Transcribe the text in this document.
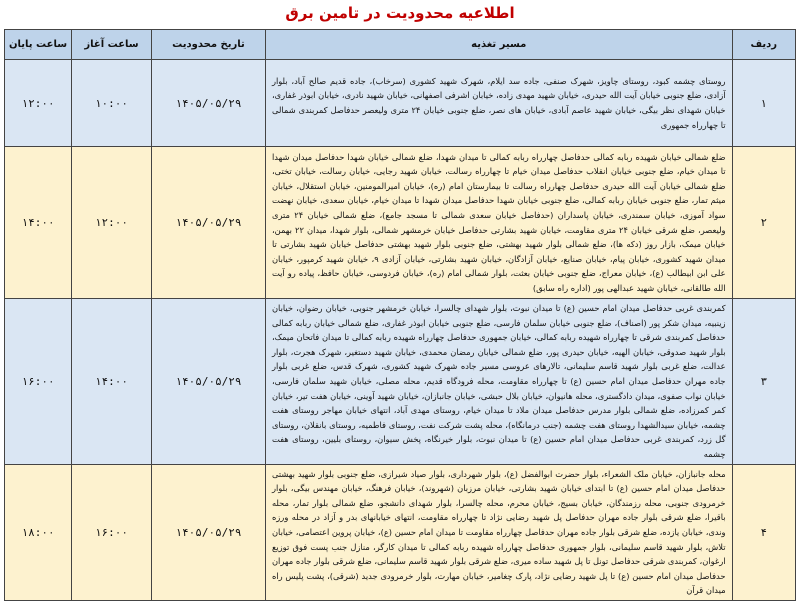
اطلاعیه محدودیت در تامین برق
ردیف	مسیر تغذیه	تاریخ محدودیت	ساعت آغاز	ساعت پایان
۱	روستای چشمه کبود، روستای چاویز، شهرک صنفی، جاده سد ایلام، شهرک شهید کشوری (سرخاب)، جاده قدیم صالح آباد، بلوار آزادی، ضلع جنوبی خیابان آیت الله حیدری، خیابان شهید مهدی زاده، خیابان اشرفی اصفهانی، خیابان شهید نادری، خیابان ابوذر غفاری، خیابان شهدای نظر بیگی، خیابان شهید عاصم آبادی، خیابان های نصر، ضلع جنوبی خیابان ۲۴ متری ولیعصر حدفاصل کمربندی شمالی تا چهارراه جمهوری	۱۴۰۵/۰۵/۲۹	۱۰:۰۰	۱۲:۰۰
۲	ضلع شمالی خیابان شهیده ربابه کمالی حدفاصل چهارراه ربابه کمالی تا میدان شهدا، ضلع شمالی خیابان شهدا حدفاصل میدان شهدا تا میدان خیام، ضلع جنوبی خیابان انقلاب حدفاصل میدان خیام تا چهارراه رسالت، خیابان شهید رجایی، خیابان رسالت، خیابان تختی، ضلع شمالی خیابان آیت الله حیدری حدفاصل چهارراه رسالت تا بیمارستان امام (ره)، خیابان امیرالمومنین، خیابان استقلال، خیابان میثم تمار، ضلع جنوبی خیابان ربابه کمالی، ضلع جنوبی خیابان شهدا حدفاصل میدان شهدا تا میدان خیام، خیابان سعدی، خیابان نهضت سواد آموزی، خیابان سمندری، خیابان پاسداران (حدفاصل خیابان سعدی شمالی تا مسجد جامع)، ضلع شمالی خیابان ۲۴ متری ولیعصر، ضلع شرقی خیابان ۲۴ متری مقاومت، خیابان شهید بشارتی حدفاصل خیابان خرمشهر شمالی، بلوار شهدا، میدان ۲۲ بهمن، خیابان میمک، بازار روز (دکه ها)، ضلع شمالی بلوار شهید بهشتی، ضلع جنوبی بلوار شهید بهشتی حدفاصل خیابان شهید بشارتی تا میدان شهید کشوری، خیابان پیام، خیابان صنایع، خیابان آزادگان، خیابان شهید بشارتی، خیابان آزادی ۹، خیابان شهید کرمپور، خیابان علی ابن ابیطالب (ع)، خیابان معراج، ضلع جنوبی خیابان بعثت، بلوار شمالی امام (ره)، خیابان فردوسی، خیابان حافظ، پیاده رو آیت الله طالقانی، خیابان شهید عبدالهی پور (اداره راه سابق)	۱۴۰۵/۰۵/۲۹	۱۲:۰۰	۱۴:۰۰
۳	کمربندی غربی حدفاصل میدان امام حسین (ع) تا میدان نبوت، بلوار شهدای چالسرا، خیابان خرمشهر جنوبی، خیابان رضوان، خیابان زینبیه، میدان شکر پور (اصناف)، ضلع جنوبی خیابان سلمان فارسی، ضلع جنوبی خیابان ابوذر غفاری، ضلع شمالی خیابان ربابه کمالی حدفاصل کمربندی شرقی تا چهارراه شهیده ربابه کمالی، خیابان جمهوری حدفاصل چهارراه شهیده ربابه کمالی تا میدان فاتحان میمک، بلوار شهید صدوقی، خیابان الهیه، خیابان حیدری پور، ضلع شمالی خیابان رمضان محمدی، خیابان شهید دستغیر، شهرک هجرت، بلوار عدالت، ضلع غربی بلوار شهید قاسم سلیمانی، تالارهای عروسی مسیر جاده شهرک شهید کشوری، شهرک قدس، ضلع غربی بلوار جاده مهران حدفاصل میدان امام حسین (ع) تا چهارراه مقاومت، محله فرودگاه قدیم، محله مصلی، خیابان شهید سلمان فارسی، خیابان نواب صفوی، میدان دادگستری، محله هانیوان، خیابان بلال حبشی، خیابان جانبازان، خیابان شهید آوینی، خیابان هفت تیر، خیابان کمر کمرزاده، ضلع شمالی بلوار مدرس حدفاصل میدان ملاد تا میدان خیام، روستای مهدی آباد، انتهای خیابان مهاجر روستای هفت چشمه، خیابان سیدالشهدا روستای هفت چشمه (جنب درمانگاه)، محله پشت شرکت نفت، روستای فاطمیه، روستای بانقلان، روستای گل زرد، کمربندی غربی حدفاصل میدان امام حسین (ع) تا میدان نبوت، بلوار خیرنگاه، پخش سیوان، روستای بلیین، روستای هفت چشمه	۱۴۰۵/۰۵/۲۹	۱۴:۰۰	۱۶:۰۰
۴	محله جانبازان، خیابان ملک الشعراء، بلوار حضرت ابوالفضل (ع)، بلوار شهرداری، بلوار صیاد شیرازی، ضلع جنوبی بلوار شهید بهشتی حدفاصل میدان امام حسین (ع) تا ابتدای خیابان شهید بشارتی، خیابان مرزبان (شهروند)، خیابان فرهنگ، خیابان مهندس بیگی، بلوار خرمرودی جنوبی، محله رزمندگان، خیابان بسیج، خیابان محرم، محله چالسرا، بلوار شهدای دانشجو، ضلع شمالی بلوار تمار، محله باقیرا، ضلع شرقی بلوار جاده مهران حدفاصل پل شهید رضایی نژاد تا چهارراه مقاومت، انتهای خیابانهای بدر و آزاد در محله ورزه وندی، خیابان یازده، ضلع شرقی بلوار جاده مهران حدفاصل چهارراه مقاومت تا میدان امام حسین (ع)، خیابان پروین اعتصامی، خیابان تلاش، بلوار شهید قاسم سلیمانی، بلوار جمهوری حدفاصل چهارراه شهیده ربابه کمالی تا میدان کارگر، منازل جنب پست فوق توزیع ارغوان، کمربندی شرقی حدفاصل تونل تا پل شهید ساده میری، ضلع شرقی بلوار شهید قاسم سلیمانی، ضلع شرقی بلوار جاده مهران حدفاصل میدان امام حسین (ع) تا پل شهید رضایی نژاد، پارک چغامیر، خیابان مهارت، بلوار خرمرودی جدید (شرقی)، پشت پلیس راه میدان قرآن	۱۴۰۵/۰۵/۲۹	۱۶:۰۰	۱۸:۰۰
